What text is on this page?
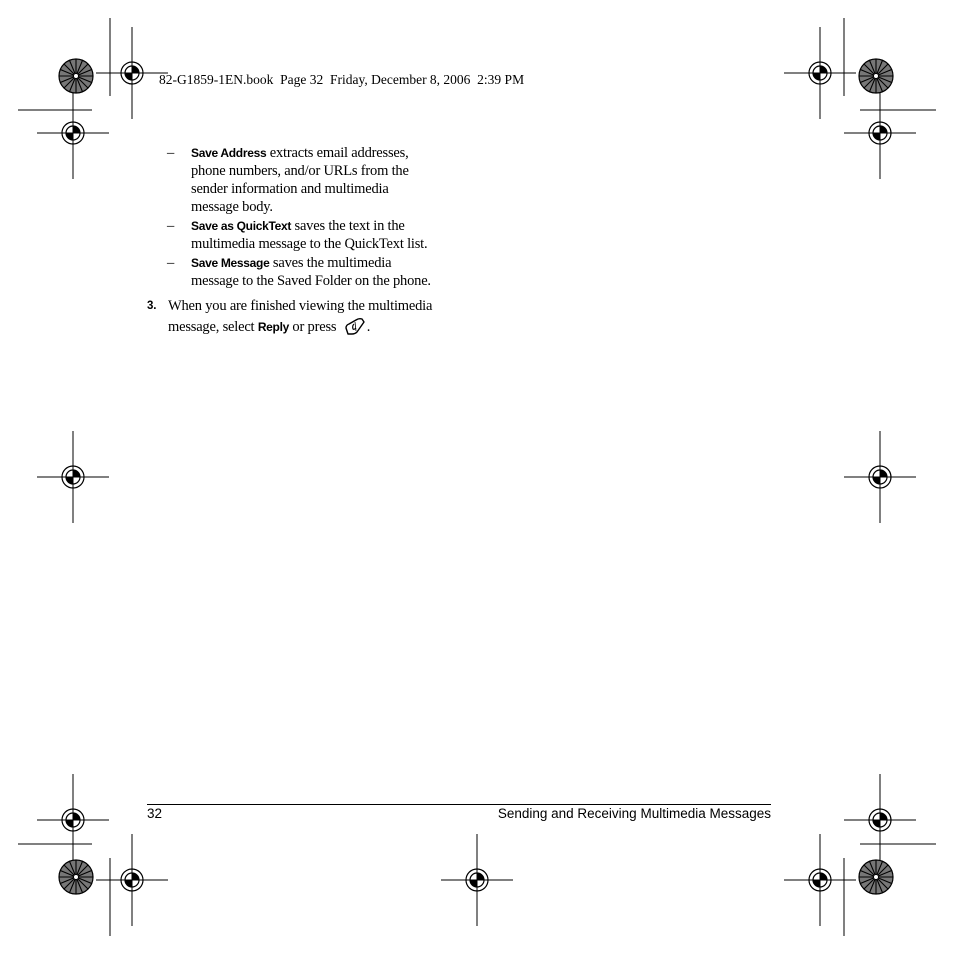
82-G1859-1EN.book  Page 32  Friday, December 8, 2006  2:39 PM
– Save Address extracts email addresses,
phone numbers, and/or URLs from the
sender information and multimedia
message body.
– Save as QuickText saves the text in the
multimedia message to the QuickText list.
– Save Message saves the multimedia
message to the Saved Folder on the phone.
3. When you are finished viewing the multimedia
message, select Reply or press .
32	Sending and Receiving Multimedia Messages
